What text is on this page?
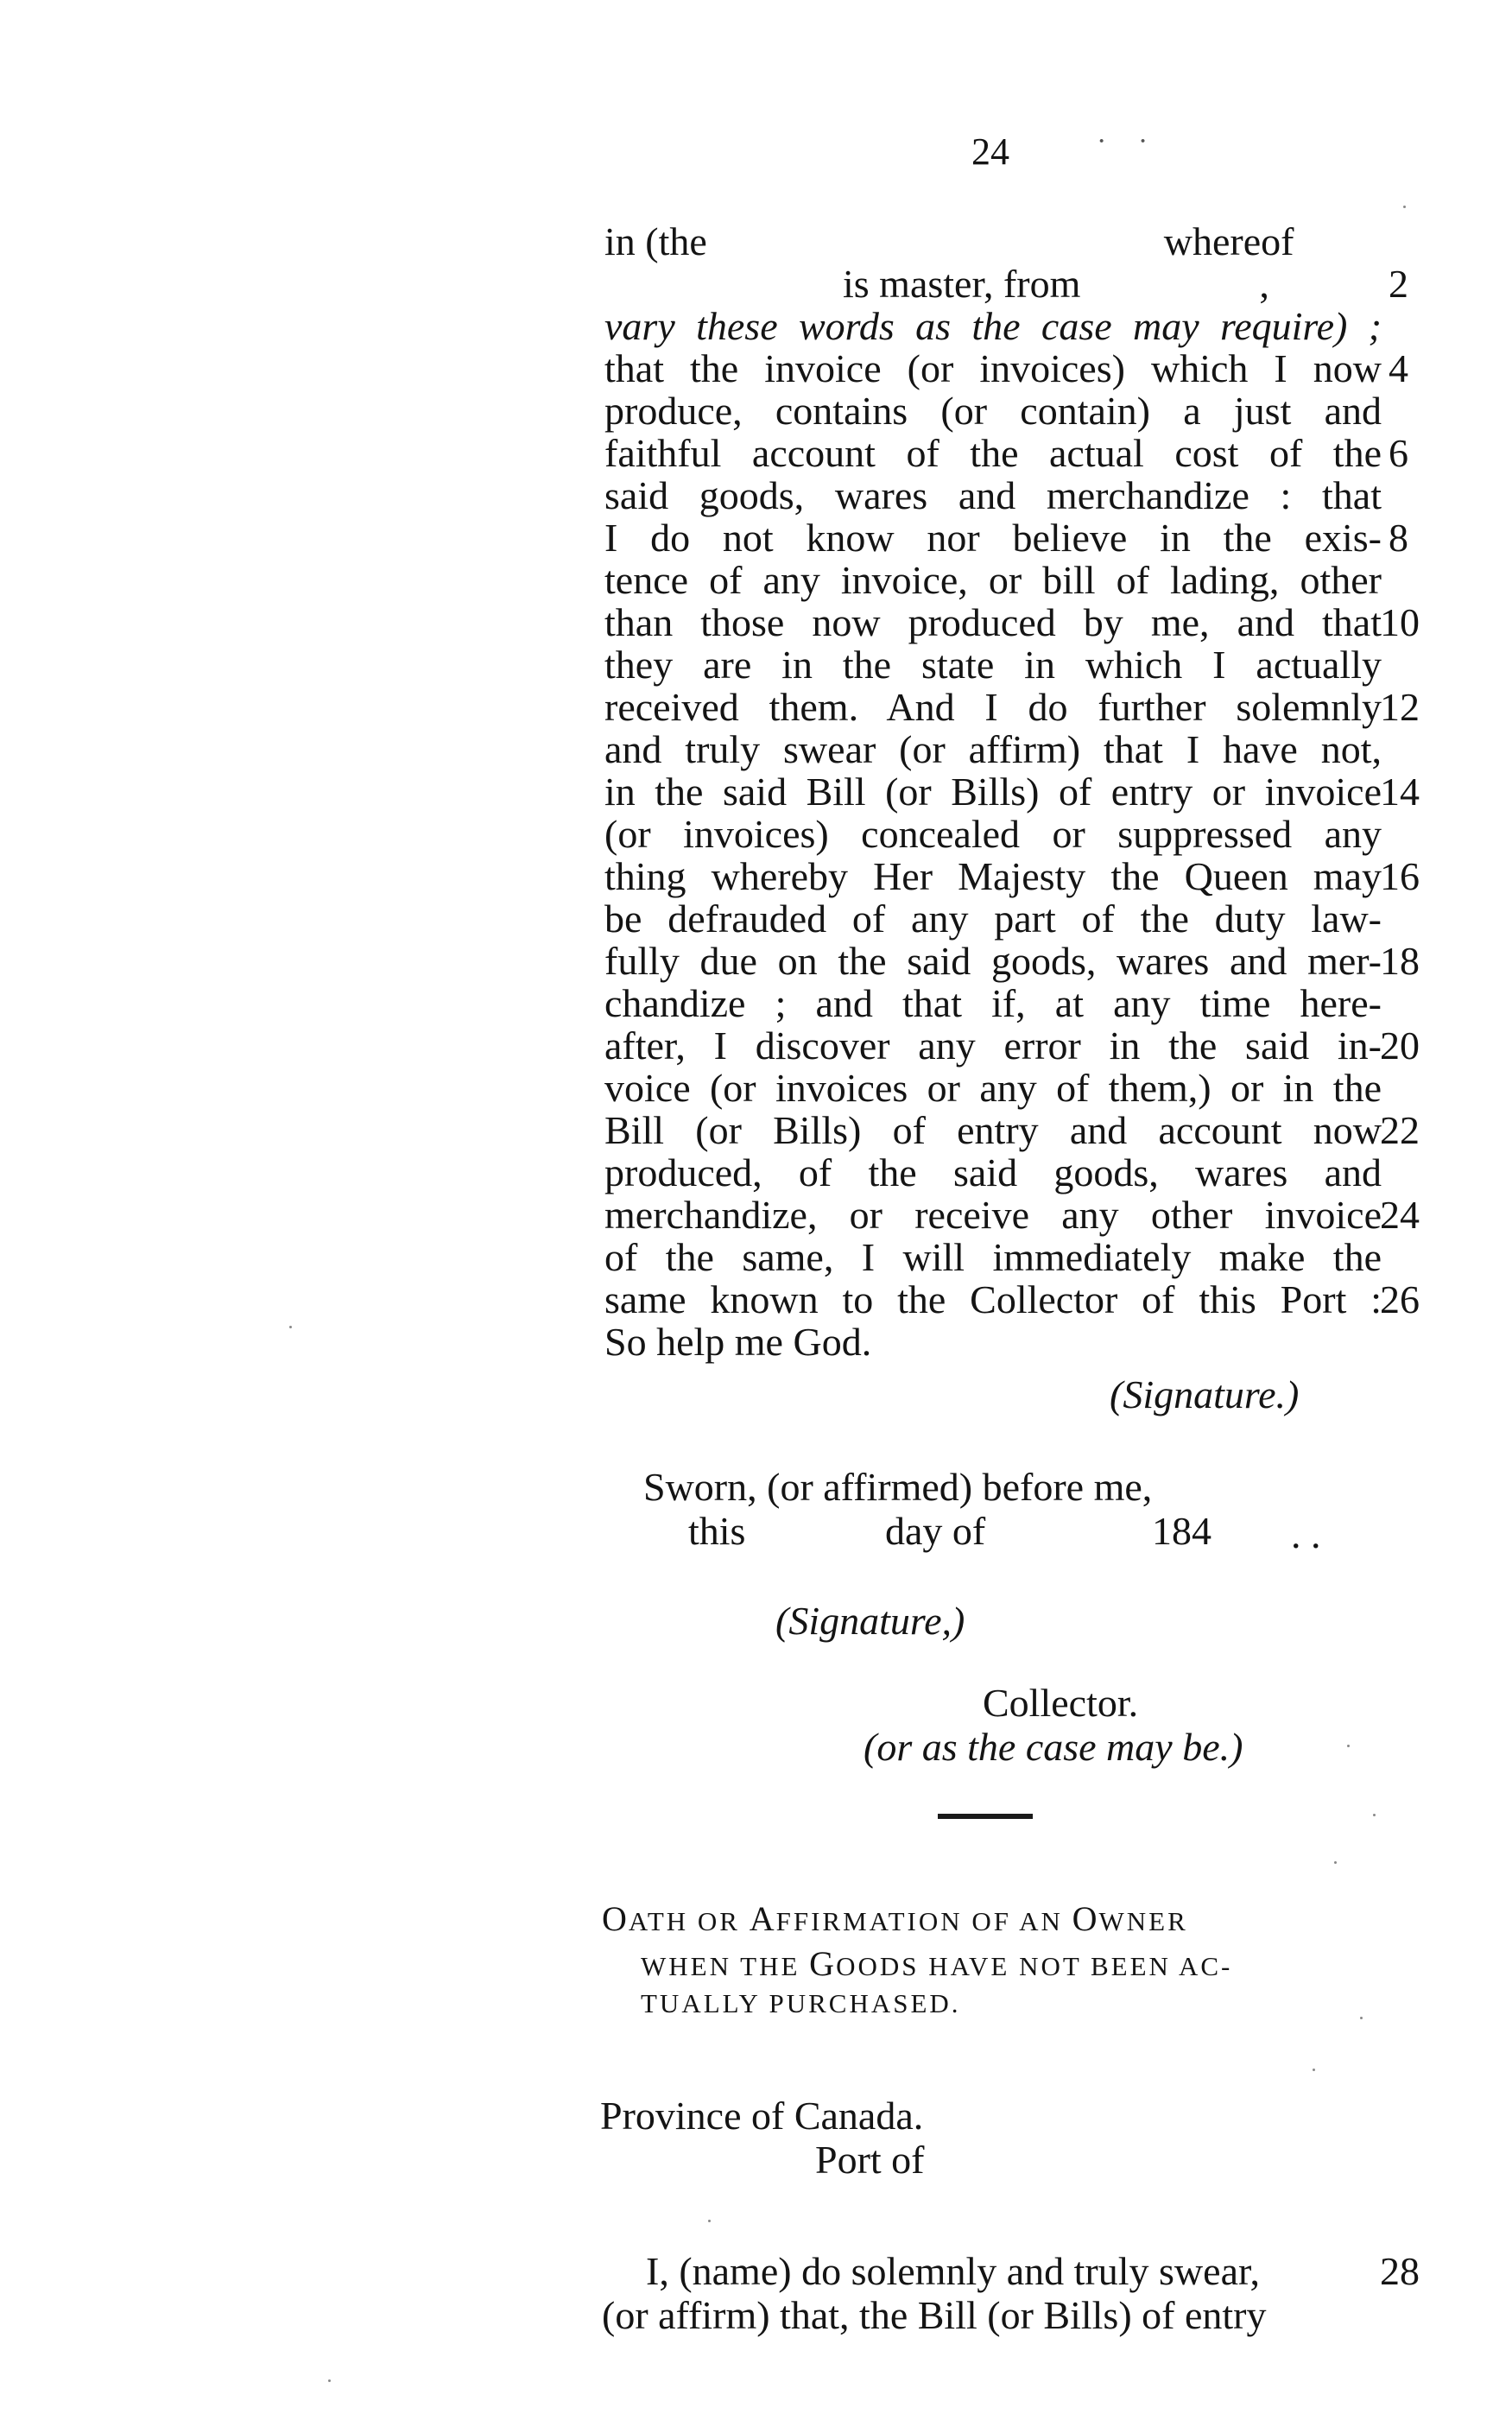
24	· ·
in (the                                              whereof
is master, from                  ,	2
vary these words as the case may require) ;
that the invoice (or invoices) which I now 4
produce, contains (or contain) a just and
faithful account of the actual cost of the 6
said goods, wares and merchandize : that
I do not know nor believe in the exis- 8
tence of any invoice, or bill of lading, other
than those now produced by me, and that
10
they are in the state in which I actually
received them. And I do further solemnly
12
and truly swear (or affirm) that I have not,
in the said Bill (or Bills) of entry or invoice
14
(or invoices) concealed or suppressed any
thing whereby Her Majesty the Queen may
16
be defrauded of any part of the duty law-
fully due on the said goods, wares and mer-
18
chandize ; and that if, at any time here-
after, I discover any error in the said in-
20
voice (or invoices or any of them,) or in the
Bill (or Bills) of entry and account now
22
produced, of the said goods, wares and
merchandize, or receive any other invoice
24
of the same, I will immediately make the
same known to the Collector of this Port :
26
So help me God.
(Signature.)
Sworn, (or affirmed) before me,
this	day of	184 . .
(Signature,)
Collector.
(or as the case may be.)
OATH OR AFFIRMATION OF AN OWNER
WHEN THE GOODS HAVE NOT BEEN AC-
TUALLY PURCHASED.
Province of Canada.
Port of
I, (name) do solemnly and truly swear,	28
(or affirm) that, the Bill (or Bills) of entry
